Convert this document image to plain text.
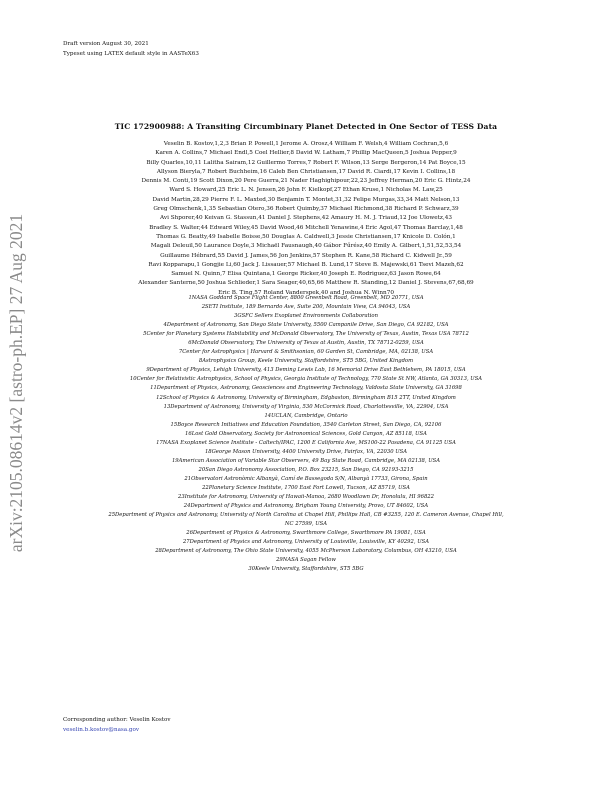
arXiv:2105.08614v2 [astro-ph.EP] 27 Aug 2021
Draft version August 30, 2021
Typeset using LATEX default style in AASTeX63
TIC 172900988: A Transiting Circumbinary Planet Detected in One Sector of TESS Data
Veselin B. Kostov,1,2,3 Brian P. Powell,1 Jerome A. Orosz,4 William F. Welsh,4 William Cochran,5,6
Karen A. Collins,7 Michael Endl,5 Coel Hellier,8 David W. Latham,7 Phillip MacQueen,5 Joshua Pepper,9
Billy Quarles,10,11 Lalitha Sairam,12 Guillermo Torres,7 Robert F. Wilson,13 Serge Bergeron,14 Pat Boyce,15
Allyson Bieryla,7 Robert Buchheim,16 Caleb Ben Christiansen,17 David R. Ciardi,17 Kevin I. Collins,18
Dennis M. Conti,19 Scott Dixon,20 Pere Guerra,21 Nader Haghighipour,22,23 Jeffrey Herman,20 Eric G. Hintz,24
Ward S. Howard,25 Eric L. N. Jensen,26 John F. Kielkopf,27 Ethan Kruse,1 Nicholas M. Law,25
David Martin,28,29 Pierre F. L. Maxted,30 Benjamin T. Montet,31,32 Felipe Murgas,33,34 Matt Nelson,13
Greg Olmschenk,1,35 Sebastian Otero,36 Robert Quimby,37 Michael Richmond,38 Richard P. Schwarz,39
Avi Shporer,40 Keivan G. Stassun,41 Daniel J. Stephens,42 Amaury H. M. J. Triaud,12 Joe Ulowetz,43
Bradley S. Walter,44 Edward Wiley,45 David Wood,46 Mitchell Yenawine,4 Eric Agol,47 Thomas Barclay,1,48
Thomas G. Beatty,49 Isabelle Boisse,50 Douglas A. Caldwell,3 Jessie Christiansen,17 Knicole D. Colón,1
Magali Deleuil,50 Laurance Doyle,3 Michaël Fausnaugh,40 Gábor Fűrész,40 Emily A. Gilbert,1,51,52,53,54
Guillaume Hébrard,55 David J. James,56 Jon Jenkins,57 Stephen R. Kane,58 Richard C. Kidwell Jr.,59
Ravi Kopparapu,1 Gongjie Li,60 Jack J. Lissauer,57 Michael B. Lund,17 Steve B. Majewski,61 Tsevi Mazeh,62
Samuel N. Quinn,7 Elisa Quintana,1 George Ricker,40 Joseph E. Rodriguez,63 Jason Rowe,64
Alexander Santerne,50 Joshua Schlieder,1 Sara Seager,40,65,66 Matthew R. Standing,12 Daniel J. Stevens,67,68,69
Eric B. Ting,57 Roland Vanderspek,40 and Joshua N. Winn70
1NASA Goddard Space Flight Center, 8800 Greenbelt Road, Greenbelt, MD 20771, USA
2SETI Institute, 189 Bernardo Ave, Suite 200, Mountain View, CA 94043, USA
3GSFC Sellers Exoplanet Environments Collaboration
4Department of Astronomy, San Diego State University, 5500 Campanile Drive, San Diego, CA 92182, USA
5Center for Planetary Systems Habitability and McDonald Observatory, The University of Texas, Austin, Texas USA 78712
6McDonald Observatory, The University of Texas at Austin, Austin, TX 78712-0259, USA
7Center for Astrophysics | Harvard & Smithsonian, 60 Garden St, Cambridge, MA, 02138, USA
8Astrophysics Group, Keele University, Staffordshire, ST5 5BG, United Kingdom
9Department of Physics, Lehigh University, 413 Deming Lewis Lab, 16 Memorial Drive East Bethlehem, PA 18015, USA
10Center for Relativistic Astrophysics, School of Physics, Georgia Institute of Technology, 770 State St NW, Atlanta, GA 30313, USA
11Department of Physics, Astronomy, Geosciences and Engineering Technology, Valdosta State University, GA 31698
12School of Physics & Astronomy, University of Birmingham, Edgbaston, Birmingham B15 2TT, United Kingdom
13Department of Astronomy, University of Virginia, 530 McCormick Road, Charlottesville, VA, 22904, USA
14UCLAN, Cambridge, Ontario
15Boyce Research Initiatives and Education Foundation, 3540 Carleton Street, San Diego, CA, 92106
16Lost Gold Observatory, Society for Astronomical Sciences, Gold Canyon, AZ 85118, USA
17NASA Exoplanet Science Institute - Caltech/IPAC, 1200 E California Ave, MS100-22 Pasadena, CA 91125 USA
18George Mason University, 4400 University Drive, Fairfax, VA, 22030 USA
19American Association of Variable Star Observers, 49 Bay State Road, Cambridge, MA 02138, USA
20San Diego Astronomy Association, P.O. Box 23215, San Diego, CA 92193-3215
21Observatori Astronòmic Albanyà, Camí de Bassegoda S/N, Albanyà 17733, Girona, Spain
22Planetary Science Institute, 1700 East Fort Lowell, Tucson, AZ 85719, USA
23Institute for Astronomy, University of Hawaii-Manoa, 2680 Woodlawn Dr, Honolulu, HI 96822
24Department of Physics and Astronomy, Brigham Young University, Provo, UT 84602, USA
25Department of Physics and Astronomy, University of North Carolina at Chapel Hill, Phillips Hall, CB #3255, 120 E. Cameron Avenue, Chapel Hill,
NC 27599, USA
26Department of Physics & Astronomy, Swarthmore College, Swarthmore PA 19081, USA
27Department of Physics and Astronomy, University of Louisville, Louisville, KY 40292, USA
28Department of Astronomy, The Ohio State University, 4055 McPherson Laboratory, Columbus, OH 43210, USA
29NASA Sagan Fellow
30Keele University, Staffordshire, ST5 5BG
Corresponding author: Veselin Kostov
veselin.b.kostov@nasa.gov
